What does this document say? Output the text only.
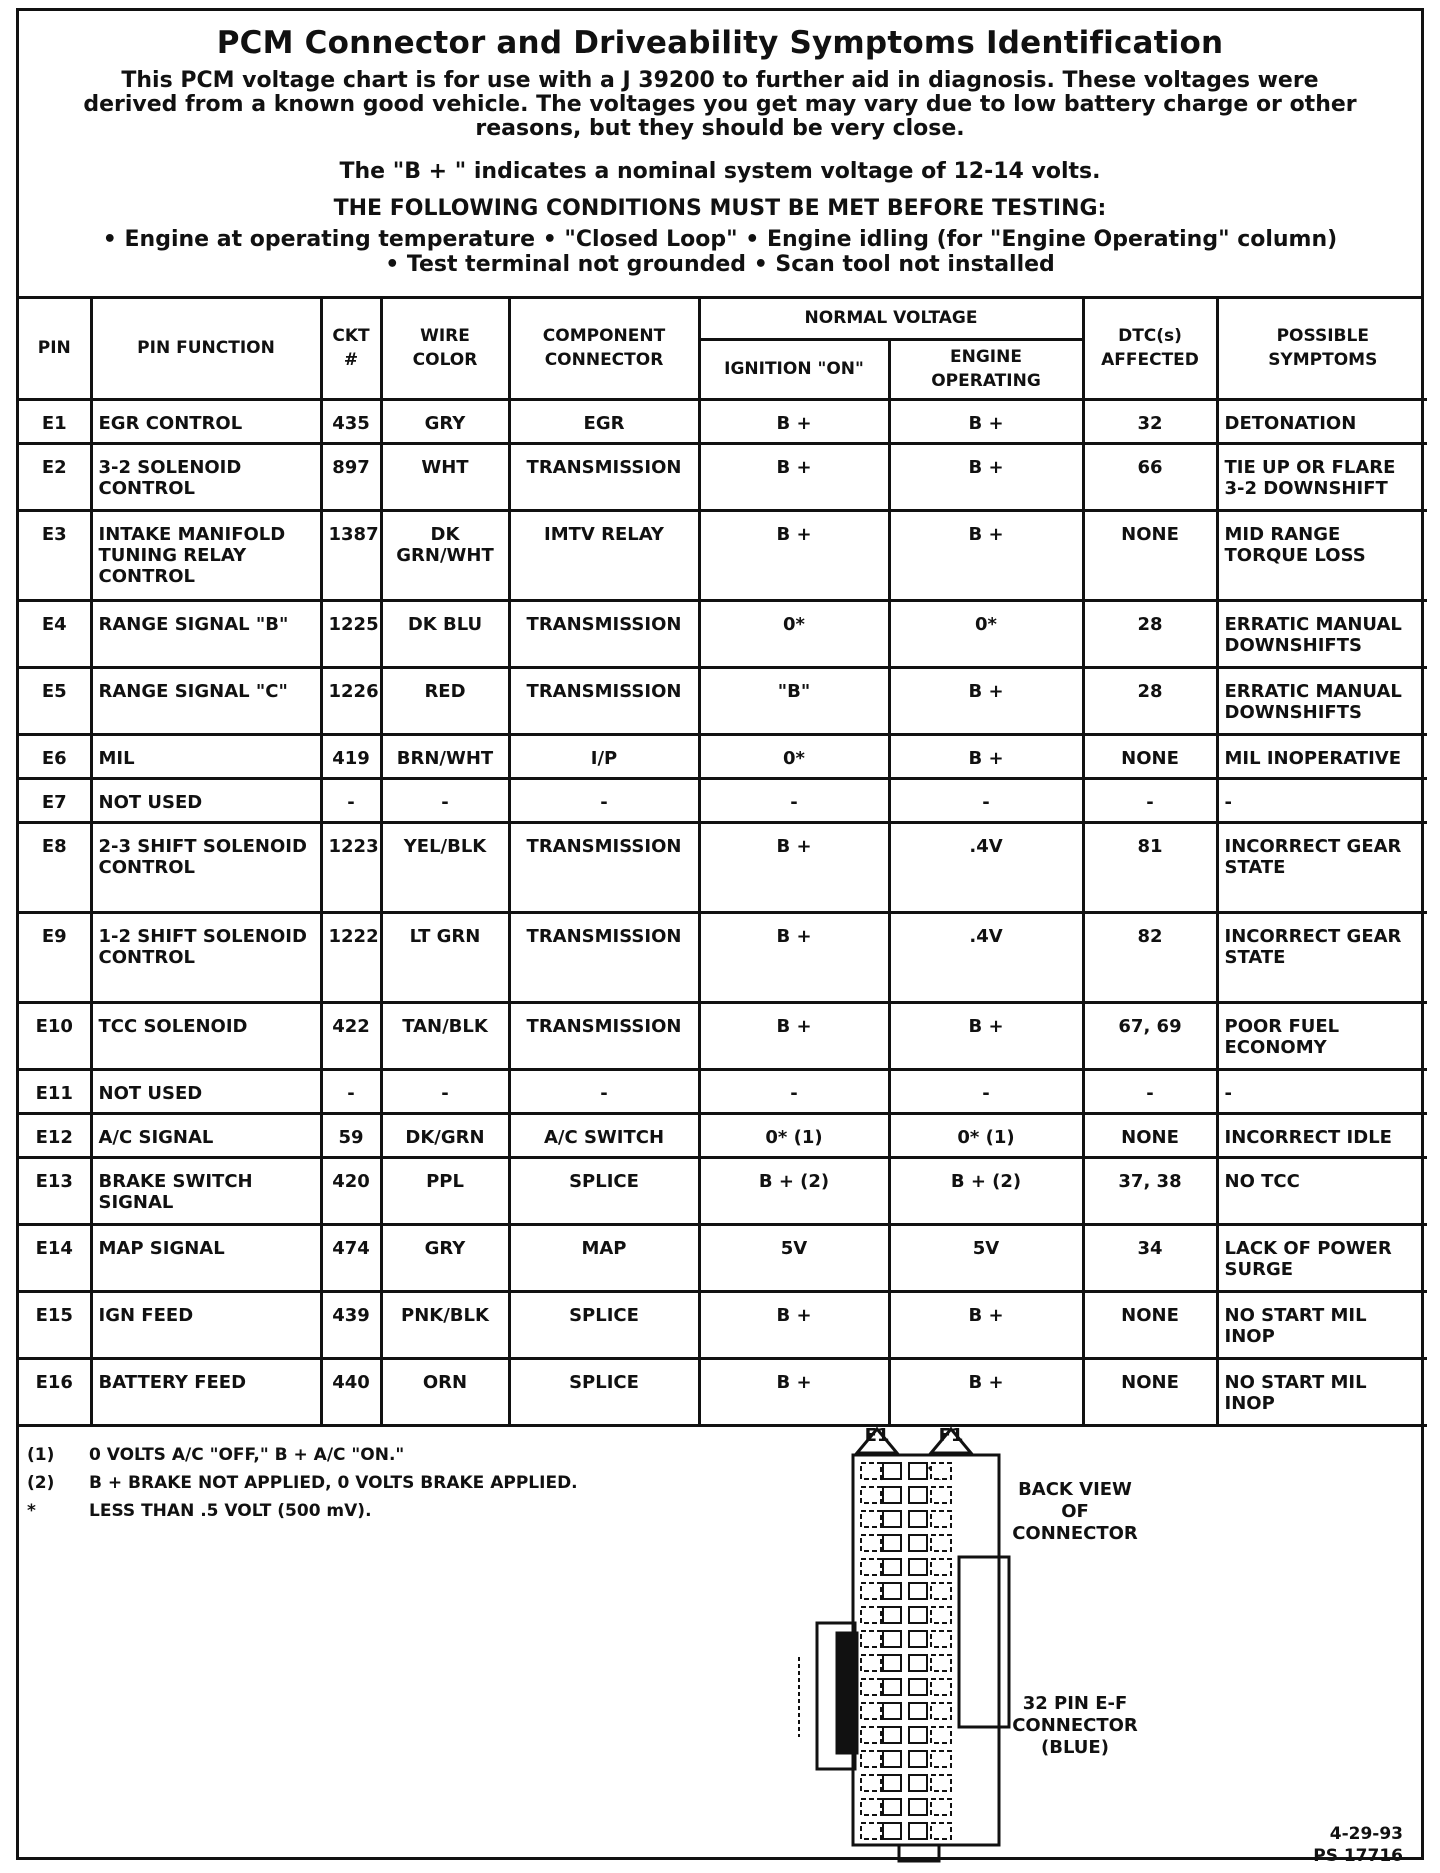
PCM Connector and Driveability Symptoms Identification
This PCM voltage chart is for use with a J 39200 to further aid in diagnosis. These voltages were derived from a known good vehicle. The voltages you get may vary due to low battery charge or other reasons, but they should be very close.
The "B + " indicates a nominal system voltage of 12-14 volts.
THE FOLLOWING CONDITIONS MUST BE MET BEFORE TESTING:
• Engine at operating temperature • "Closed Loop" • Engine idling (for "Engine Operating" column)
• Test terminal not grounded • Scan tool not installed
PIN	PIN FUNCTION	CKT #	WIRE COLOR	COMPONENT CONNECTOR	NORMAL VOLTAGE		DTC(s) AFFECTED	POSSIBLE SYMPTOMS
					IGNITION "ON"	ENGINE OPERATING		
E1	EGR CONTROL	435	GRY	EGR	B +	B +	32	DETONATION
E2	3-2 SOLENOID CONTROL	897	WHT	TRANSMISSION	B +	B +	66	TIE UP OR FLARE 3-2 DOWNSHIFT
E3	INTAKE MANIFOLD TUNING RELAY CONTROL	1387	DK GRN/WHT	IMTV RELAY	B +	B +	NONE	MID RANGE TORQUE LOSS
E4	RANGE SIGNAL "B"	1225	DK BLU	TRANSMISSION	0*	0*	28	ERRATIC MANUAL DOWNSHIFTS
E5	RANGE SIGNAL "C"	1226	RED	TRANSMISSION	"B"	B +	28	ERRATIC MANUAL DOWNSHIFTS
E6	MIL	419	BRN/WHT	I/P	0*	B +	NONE	MIL INOPERATIVE
E7	NOT USED	-	-	-	-	-	-	-
E8	2-3 SHIFT SOLENOID CONTROL	1223	YEL/BLK	TRANSMISSION	B +	.4V	81	INCORRECT GEAR STATE
E9	1-2 SHIFT SOLENOID CONTROL	1222	LT GRN	TRANSMISSION	B +	.4V	82	INCORRECT GEAR STATE
E10	TCC SOLENOID	422	TAN/BLK	TRANSMISSION	B +	B +	67, 69	POOR FUEL ECONOMY
E11	NOT USED	-	-	-	-	-	-	-
E12	A/C SIGNAL	59	DK/GRN	A/C SWITCH	0* (1)	0* (1)	NONE	INCORRECT IDLE
E13	BRAKE SWITCH SIGNAL	420	PPL	SPLICE	B + (2)	B + (2)	37, 38	NO TCC
E14	MAP SIGNAL	474	GRY	MAP	5V	5V	34	LACK OF POWER SURGE
E15	IGN FEED	439	PNK/BLK	SPLICE	B +	B +	NONE	NO START MIL INOP
E16	BATTERY FEED	440	ORN	SPLICE	B +	B +	NONE	NO START MIL INOP
(1) 0 VOLTS A/C "OFF," B + A/C "ON."
(2) B + BRAKE NOT APPLIED, 0 VOLTS BRAKE APPLIED.
*	LESS THAN .5 VOLT (500 mV).
E1	F1
BACK VIEW OF CONNECTOR
32 PIN E-F CONNECTOR (BLUE)
4-29-93
PS 17716
